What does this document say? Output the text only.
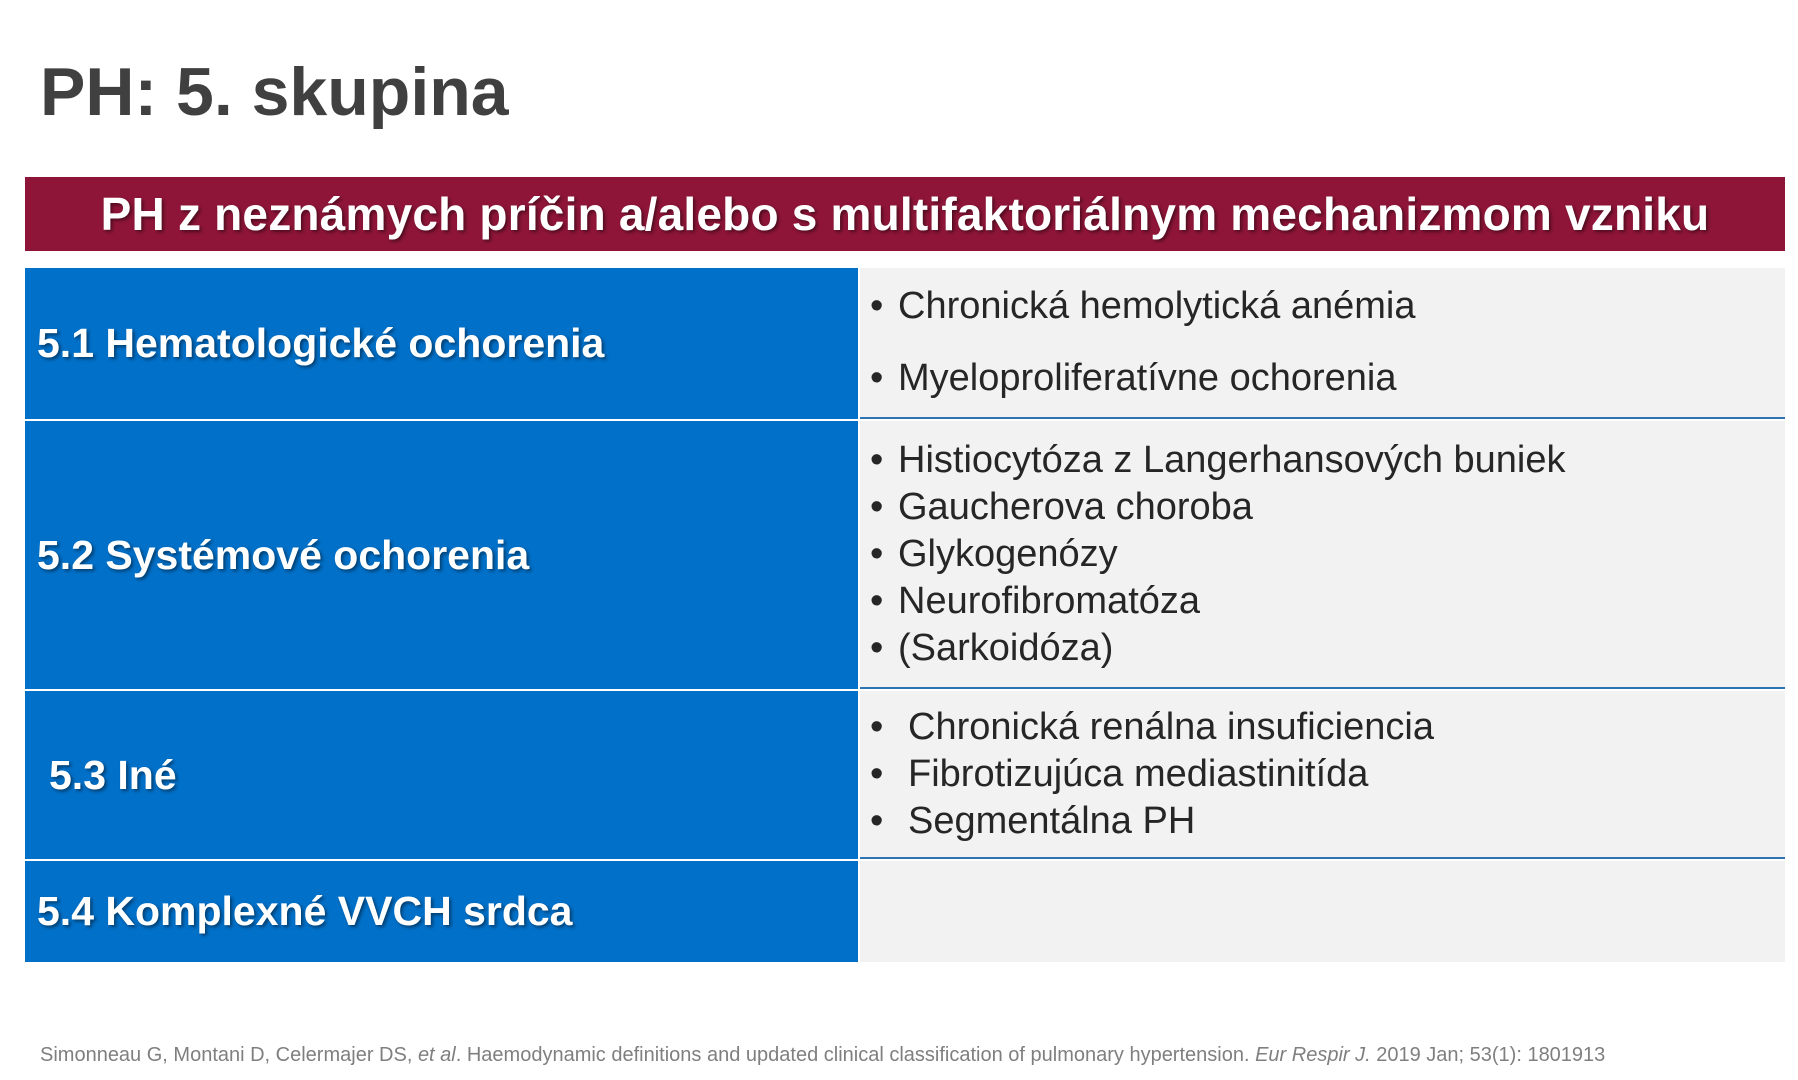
PH: 5. skupina
PH z neznámych príčin a/alebo s multifaktoriálnym mechanizmom vzniku
5.1 Hematologické ochorenia
• Chronická hemolytická anémia
• Myeloproliferatívne ochorenia
5.2 Systémové ochorenia
• Histiocytóza z Langerhansových buniek
• Gaucherova choroba
• Glykogenózy
• Neurofibromatóza
• (Sarkoidóza)
5.3 Iné
• Chronická renálna insuficiencia
• Fibrotizujúca mediastinitída
• Segmentálna PH
5.4 Komplexné VVCH srdca
Simonneau G, Montani D, Celermajer DS, et al. Haemodynamic definitions and updated clinical classification of pulmonary hypertension. Eur Respir J. 2019 Jan; 53(1): 1801913
